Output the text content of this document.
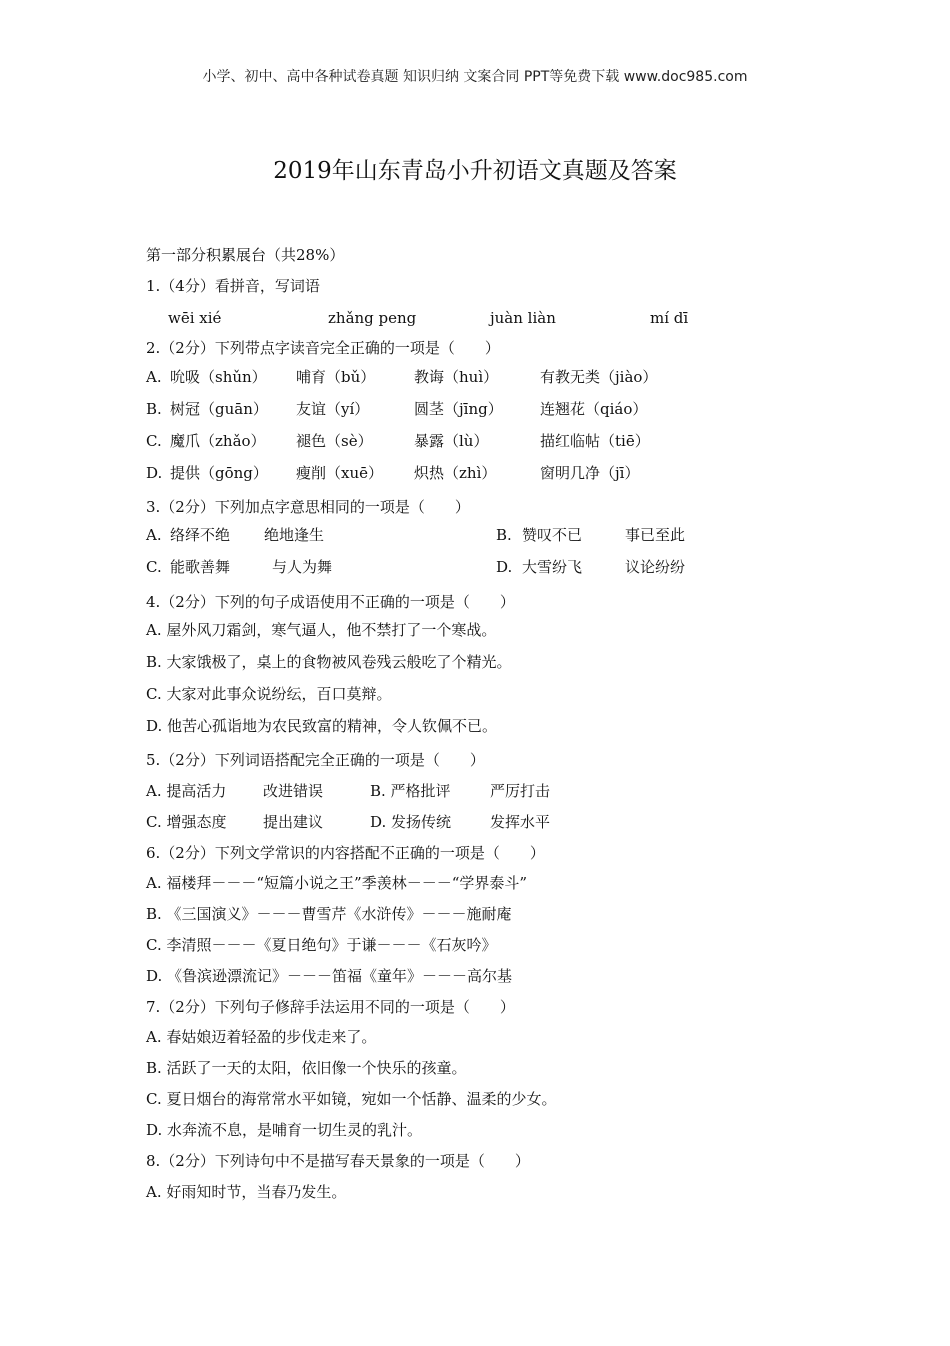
小学、初中、高中各种试卷真题 知识归纳 文案合同 PPT等免费下载 www.doc985.com
2019年山东青岛小升初语文真题及答案
第一部分积累展台（共28%）
1.（4分）看拼音，写词语
wēi xié	zhǎng peng	juàn liàn	mí dī
2.（2分）下列带点字读音完全正确的一项是（　　）
A. 吮吸（shǔn） 哺育（bǔ）	教诲（huì）	有教无类（jiào）
B. 树冠（guān） 友谊（yí）	圆茎（jīng） 连翘花（qiáo）
C. 魔爪（zhǎo） 褪色（sè）	暴露（lù）	描红临帖（tiē）
D. 提供（gōng） 瘦削（xuē） 炽热（zhì）	窗明几净（jī）
3.（2分）下列加点字意思相同的一项是（　　）
A. 络绎不绝 绝地逢生	B. 赞叹不已	事已至此
C. 能歌善舞	与人为舞	D. 大雪纷飞	议论纷纷
4.（2分）下列的句子成语使用不正确的一项是（　　）
A. 屋外风刀霜剑，寒气逼人，他不禁打了一个寒战。
B. 大家饿极了，桌上的食物被风卷残云般吃了个精光。
C. 大家对此事众说纷纭，百口莫辩。
D. 他苦心孤诣地为农民致富的精神，令人钦佩不已。
5.（2分）下列词语搭配完全正确的一项是（　　）
A. 提高活力 改进错误	B. 严格批评	严厉打击
C. 增强态度 提出建议	D. 发扬传统	发挥水平
6.（2分）下列文学常识的内容搭配不正确的一项是（　　）
A. 福楼拜－－－“短篇小说之王”季羡林－－－“学界泰斗”
B. 《三国演义》－－－曹雪芹《水浒传》－－－施耐庵
C. 李清照－－－《夏日绝句》于谦－－－《石灰吟》
D. 《鲁滨逊漂流记》－－－笛福《童年》－－－高尔基
7.（2分）下列句子修辞手法运用不同的一项是（　　）
A. 春姑娘迈着轻盈的步伐走来了。
B. 活跃了一天的太阳，依旧像一个快乐的孩童。
C. 夏日烟台的海常常水平如镜，宛如一个恬静、温柔的少女。
D. 水奔流不息，是哺育一切生灵的乳汁。
8.（2分）下列诗句中不是描写春天景象的一项是（　　）
A. 好雨知时节，当春乃发生。
